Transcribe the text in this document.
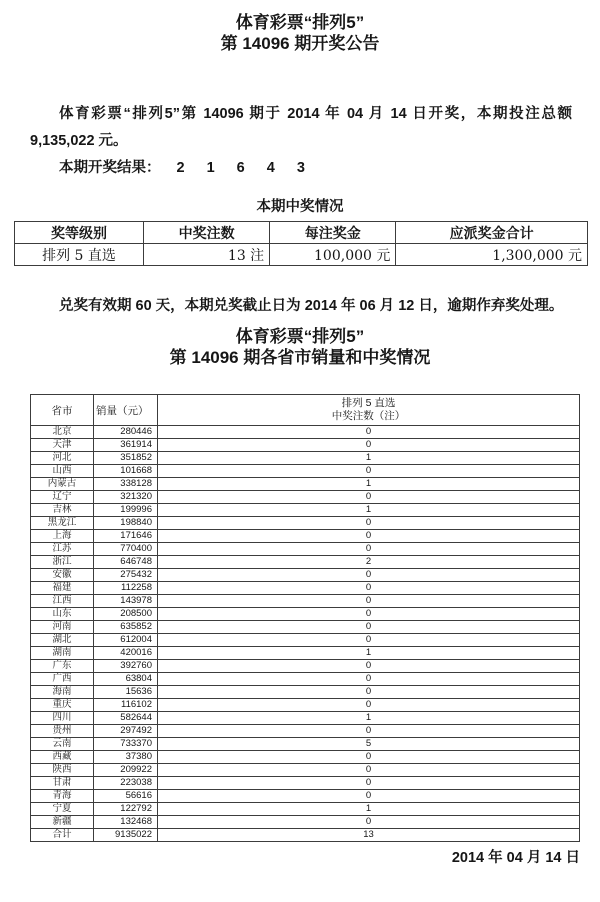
体育彩票“排列5”
第 14096 期开奖公告

体育彩票“排列5”第 14096 期于 2014 年 04 月 14 日开奖，本期投注总额 9,135,022 元。

本期开奖结果： 2 1 6 4 3
本期中奖情况
奖等级别	中奖注数	每注奖金	应派奖金合计
排列 5 直选	13 注	100,000 元	1,300,000 元

兑奖有效期 60 天，本期兑奖截止日为 2014 年 06 月 12 日，逾期作弃奖处理。

体育彩票“排列5”
第 14096 期各省市销量和中奖情况
省市	销量（元）	排列 5 直选
中奖注数（注）

北京	280446	0
天津	361914	0
河北	351852	1
山西	101668	0
内蒙古	338128	1
辽宁	321320	0
吉林	199996	1
黑龙江	198840	0
上海	171646	0
江苏	770400	0
浙江	646748	2
安徽	275432	0
福建	112258	0
江西	143978	0
山东	208500	0
河南	635852	0
湖北	612004	0
湖南	420016	1
广东	392760	0
广西	63804	0
海南	15636	0
重庆	116102	0
四川	582644	1
贵州	297492	0
云南	733370	5
西藏	37380	0
陕西	209922	0
甘肃	223038	0
青海	56616	0
宁夏	122792	1
新疆	132468	0
合计	9135022	13
2014 年 04 月 14 日
